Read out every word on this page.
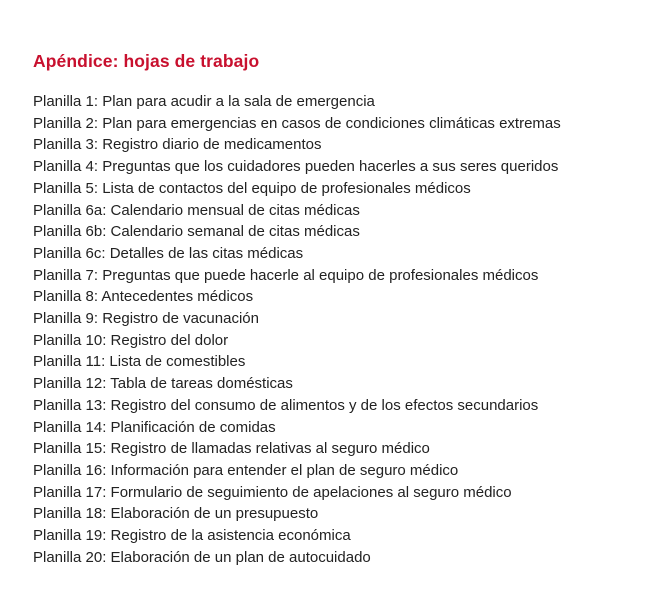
Apéndice: hojas de trabajo
Planilla 1: Plan para acudir a la sala de emergencia
Planilla 2: Plan para emergencias en casos de condiciones climáticas extremas
Planilla 3: Registro diario de medicamentos
Planilla 4: Preguntas que los cuidadores pueden hacerles a sus seres queridos
Planilla 5: Lista de contactos del equipo de profesionales médicos
Planilla 6a: Calendario mensual de citas médicas
Planilla 6b: Calendario semanal de citas médicas
Planilla 6c: Detalles de las citas médicas
Planilla 7: Preguntas que puede hacerle al equipo de profesionales médicos
Planilla 8: Antecedentes médicos
Planilla 9: Registro de vacunación
Planilla 10: Registro del dolor
Planilla 11: Lista de comestibles
Planilla 12: Tabla de tareas domésticas
Planilla 13: Registro del consumo de alimentos y de los efectos secundarios
Planilla 14: Planificación de comidas
Planilla 15: Registro de llamadas relativas al seguro médico
Planilla 16: Información para entender el plan de seguro médico
Planilla 17: Formulario de seguimiento de apelaciones al seguro médico
Planilla 18: Elaboración de un presupuesto
Planilla 19: Registro de la asistencia económica
Planilla 20: Elaboración de un plan de autocuidado
